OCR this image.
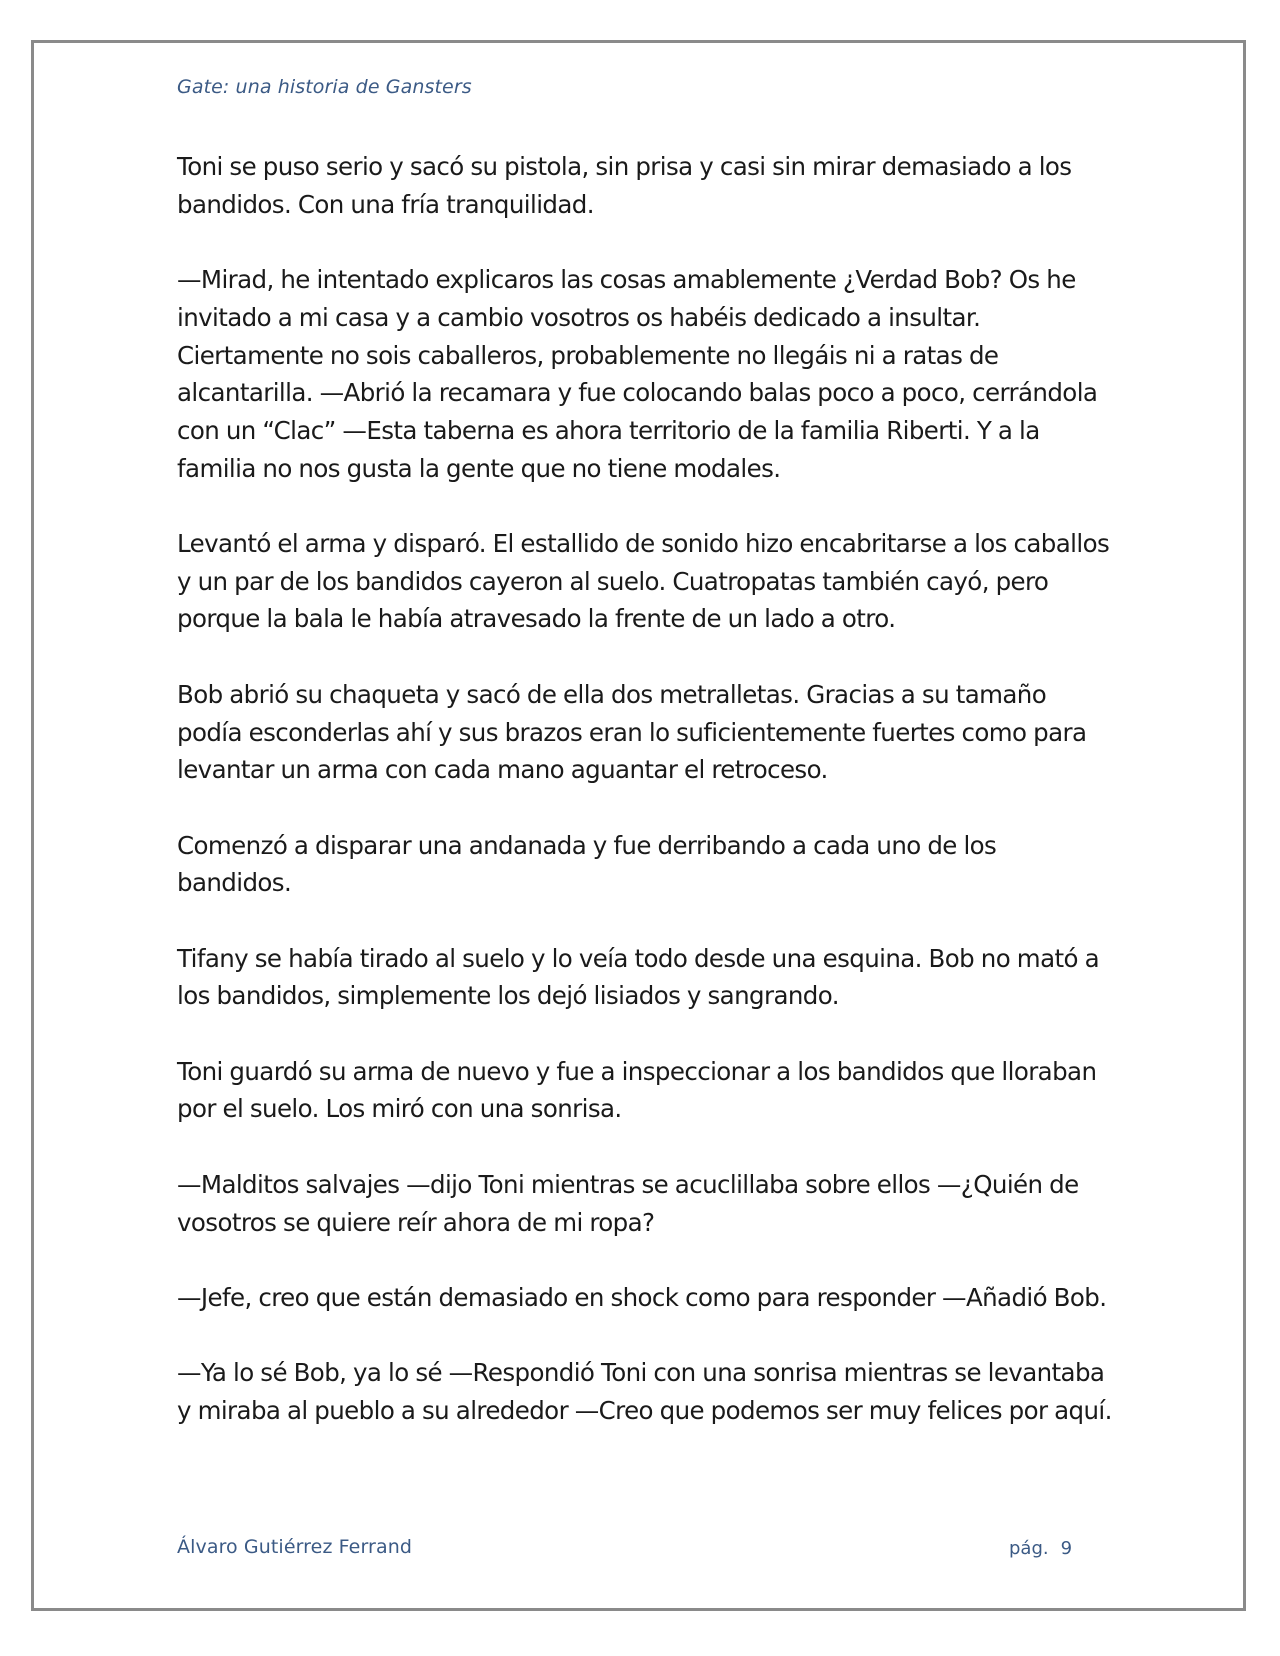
Gate: una historia de Gansters

Toni se puso serio y sacó su pistola, sin prisa y casi sin mirar demasiado a los bandidos. Con una fría tranquilidad.

—Mirad, he intentado explicaros las cosas amablemente ¿Verdad Bob? Os he invitado a mi casa y a cambio vosotros os habéis dedicado a insultar. Ciertamente no sois caballeros, probablemente no llegáis ni a ratas de alcantarilla. —Abrió la recamara y fue colocando balas poco a poco, cerrándola con un “Clac” —Esta taberna es ahora territorio de la familia Riberti. Y a la familia no nos gusta la gente que no tiene modales.

Levantó el arma y disparó. El estallido de sonido hizo encabritarse a los caballos y un par de los bandidos cayeron al suelo. Cuatropatas también cayó, pero porque la bala le había atravesado la frente de un lado a otro.

Bob abrió su chaqueta y sacó de ella dos metralletas. Gracias a su tamaño podía esconderlas ahí y sus brazos eran lo suficientemente fuertes como para levantar un arma con cada mano aguantar el retroceso.

Comenzó a disparar una andanada y fue derribando a cada uno de los bandidos.

Tifany se había tirado al suelo y lo veía todo desde una esquina. Bob no mató a los bandidos, simplemente los dejó lisiados y sangrando.

Toni guardó su arma de nuevo y fue a inspeccionar a los bandidos que lloraban por el suelo. Los miró con una sonrisa.

—Malditos salvajes —dijo Toni mientras se acuclillaba sobre ellos —¿Quién de vosotros se quiere reír ahora de mi ropa?

—Jefe, creo que están demasiado en shock como para responder —Añadió Bob.

—Ya lo sé Bob, ya lo sé —Respondió Toni con una sonrisa mientras se levantaba y miraba al pueblo a su alrededor —Creo que podemos ser muy felices por aquí.

Álvaro Gutiérrez Ferrand	pág. 9
